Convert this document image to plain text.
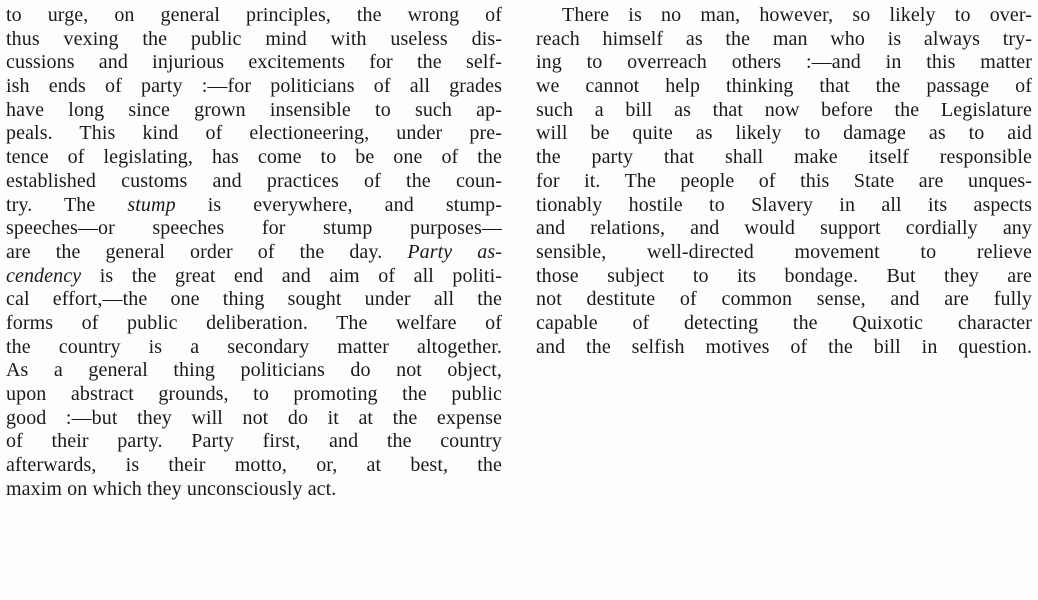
to urge, on general principles, the wrong of
thus vexing the public mind with useless dis-
cussions and injurious excitements for the self-
ish ends of party :—for politicians of all grades
have long since grown insensible to such ap-
peals. This kind of electioneering, under pre-
tence of legislating, has come to be one of the
established customs and practices of the coun-
try. The stump is everywhere, and stump-
speeches—or speeches for stump purposes—
are the general order of the day. Party as-
cendency is the great end and aim of all politi-
cal effort,—the one thing sought under all the
forms of public deliberation. The welfare of
the country is a secondary matter altogether.
As a general thing politicians do not object,
upon abstract grounds, to promoting the public
good :—but they will not do it at the expense
of their party. Party first, and the country
afterwards, is their motto, or, at best, the
maxim on which they unconsciously act.
There is no man, however, so likely to over-
reach himself as the man who is always try-
ing to overreach others :—and in this matter
we cannot help thinking that the passage of
such a bill as that now before the Legislature
will be quite as likely to damage as to aid
the party that shall make itself responsible
for it. The people of this State are unques-
tionably hostile to Slavery in all its aspects
and relations, and would support cordially any
sensible, well-directed movement to relieve
those subject to its bondage. But they are
not destitute of common sense, and are fully
capable of detecting the Quixotic character
and the selfish motives of the bill in question.
